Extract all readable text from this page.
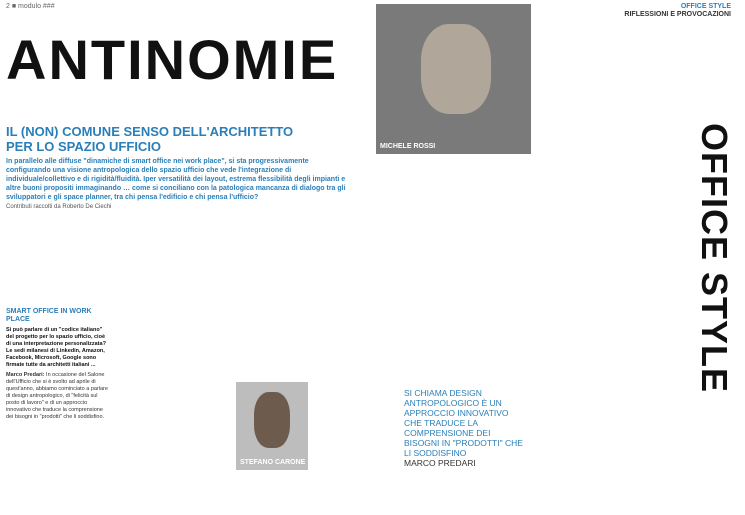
2 ■ modulo ###	OFFICE STYLE
RIFLESSIONI E PROVOCAZIONI
ANTINOMIE
IL (NON) COMUNE SENSO DELL'ARCHITETTO PER LO SPAZIO UFFICIO
In parallelo alle diffuse "dinamiche di smart office nei work place", si sta progressivamente configurando una visione antropologica dello spazio ufficio che vede l'integrazione di individuale/collettivo e di rigidità/fluidità. Iper versatilità dei layout, estrema flessibilità degli impianti e altre buoni propositi immaginando … come si conciliano con la patologica mancanza di dialogo tra gli sviluppatori e gli space planner, tra chi pensa l'edificio e chi pensa l'ufficio?
Contributi raccolti da Roberto De Ciechi
MICHELE ROSSI
STEFANO CARONE
SMART OFFICE IN WORK PLACE
Si può parlare di un "codice italiano" del progetto per lo spazio ufficio, cioè di una interpretazione personalizzata? Le sedi milanesi di Linkedin, Amazon, Facebook, Microsoft, Google sono firmate tutte da architetti italiani ...
Marco Predari: In occasione del Salone dell'Ufficio che si è svolto ad aprile di quest'anno, abbiamo cominciato a parlare di design antropologico, di "felicità sul posto di lavoro" e di un approccio innovativo che traduce la comprensione dei bisogni in "prodotti" che li soddisfino.
SI CHIAMA DESIGN ANTROPOLOGICO È UN APPROCCIO INNOVATIVO CHE TRADUCE LA COMPRENSIONE DEI BISOGNI IN "PRODOTTI" CHE LI SODDISFINO
MARCO PREDARI
OFFICE STYLE
